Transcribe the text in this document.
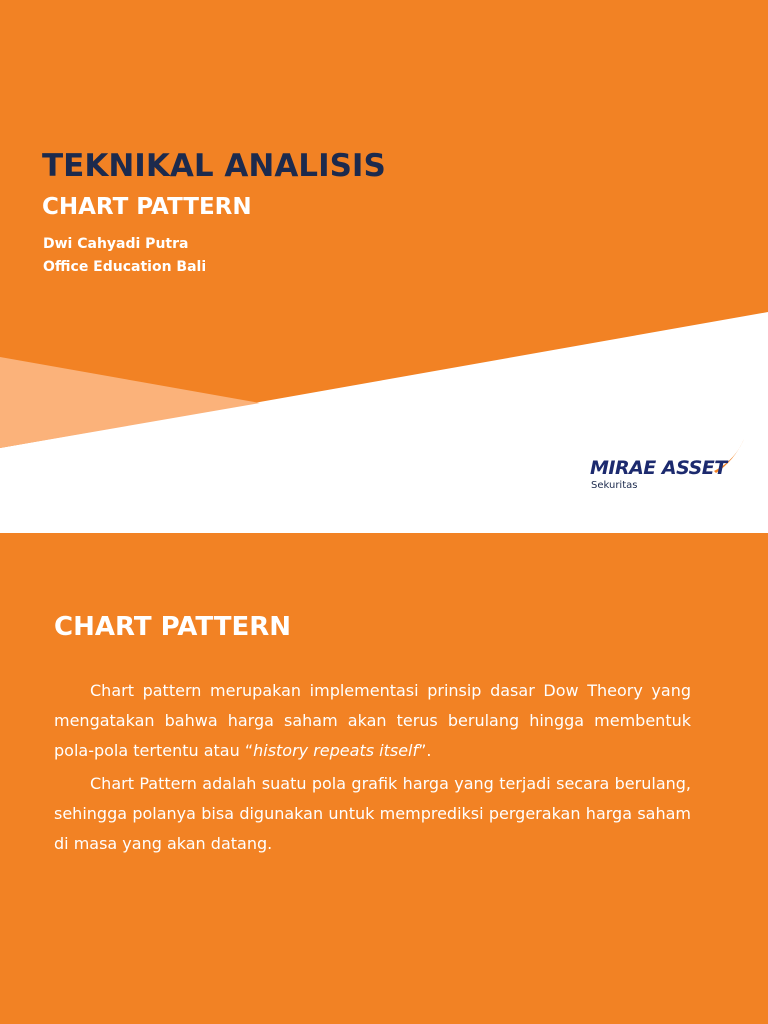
TEKNIKAL ANALISIS
CHART PATTERN
Dwi Cahyadi Putra
Office Education Bali
MIRAE ASSET
Sekuritas
CHART PATTERN

Chart pattern merupakan implementasi prinsip dasar Dow Theory yang mengatakan bahwa harga saham akan terus berulang hingga membentuk pola-pola tertentu atau “history repeats itself”.

Chart Pattern adalah suatu pola grafik harga yang terjadi secara berulang, sehingga polanya bisa digunakan untuk memprediksi pergerakan harga saham di masa yang akan datang.
